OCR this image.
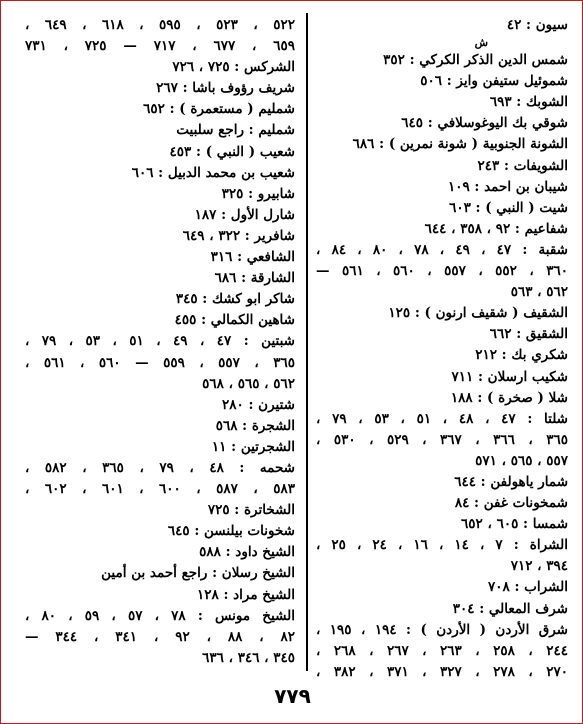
سيون : ٤٢
ش
شمس الدين الذكر الكركي : ٣٥٢
شموئيل ستيفن وايز : ٥٠٦
الشوبك : ٦٩٣
شوقي بك اليوغوسلافي : ٦٤٥
الشونة الجنوبية ( شونة نمرين ) : ٦٨٦
الشويفات : ٢٤٣
شيبان بن احمد : ١٠٩
شيت ( النبي ) : ٦٠٣
شفاعيم : ٩٢ ، ٣٥٨ ، ٦٤٤
شقبة : ٤٧ ، ٤٩ ، ٧٨ ، ٨٠ ، ٨٤ ،
٣٦٠ ، ٥٥٢ ، ٥٥٧ ، ٥٦٠ ، ٥٦١ —
٥٦٢ ، ٥٦٣
الشقيف ( شقيف ارنون ) : ١٢٥
الشقيق : ٦٦٢
شكري بك : ٢١٢
شكيب ارسلان : ٧١١
شلا ( صخرة ) : ١٨٨
شلتا : ٤٧ ، ٤٨ ، ٥١ ، ٥٣ ، ٧٩ ،
٣٦٥ ، ٣٦٦ ، ٣٦٧ ، ٥٢٩ ، ٥٣٠ ،
٥٥٧ ، ٥٦٥ ، ٥٧١
شمار ياهولفن : ٦٤٤
شمخونات غفن : ٨٤
شمسا : ٦٠٥ ، ٦٥٢
الشراة : ٧ ، ١٤ ، ١٦ ، ٢٤ ، ٢٥ ،
٣٩٤ ، ٧١٢
الشراب : ٧٠٨
شرف المعالي : ٣٠٤
شرق الأردن ( الأردن ) : ١٩٤ ، ١٩٥ ،
٢٤٤ ، ٢٥٨ ، ٢٦٣ ، ٢٦٧ ، ٢٦٨ ،
٢٧٠ ، ٢٧٨ ، ٣٢٧ ، ٣٧١ ، ٣٨٢ ،
٥٢٢ ، ٥٢٣ ، ٥٩٥ ، ٦١٨ ، ٦٤٩ ،
٦٥٩ ، ٦٧٧ ، ٧١٧ — ٧٢٥ ، ٧٣١
الشركس : ٧٢٥ ، ٧٢٦
شريف رؤوف باشا : ٢٦٧
شمليم ( مستعمرة ) : ٦٥٢
شمليم : راجع سلبيت
شعيب ( النبي ) : ٤٥٣
شعيب بن محمد الدبيل : ٦٠٦
شابيرو : ٣٢٥
شارل الأول : ١٨٧
شافرير : ٣٢٢ ، ٦٤٩
الشافعي : ٣١٦
الشارقة : ٦٨٦
شاكر ابو كشك : ٣٤٥
شاهين الكمالي : ٤٥٥
شبتين : ٤٧ ، ٤٩ ، ٥١ ، ٥٣ ، ٧٩ ،
٣٦٥ ، ٥٥٧ ، ٥٥٩ — ٥٦٠ ، ٥٦١ ،
٥٦٢ ، ٥٦٥ ، ٥٦٨
شتيرن : ٢٨٠
الشجرة : ٥٦٨
الشجرتين : ١١
شحمه : ٤٨ ، ٧٩ ، ٣٦٥ ، ٥٨٢ ،
٥٨٣ ، ٥٨٧ ، ٦٠٠ ، ٦٠١ ، ٦٠٢ ،
الشخاترة : ٧٢٥
شخونات بيلنسن : ٦٤٥
الشيخ داود : ٥٨٨
الشيخ رسلان : راجع أحمد بن أمين
الشيخ مراد : ١٢٨
الشيخ مونس : ٧٨ ، ٥٧ ، ٥٩ ، ٨٠ ،
٨٢ ، ٨٨ ، ٩٢ ، ٣٤١ ، ٣٤٤ —
٣٤٥ ، ٣٤٦ ، ٦٣٦
٧٧٩
